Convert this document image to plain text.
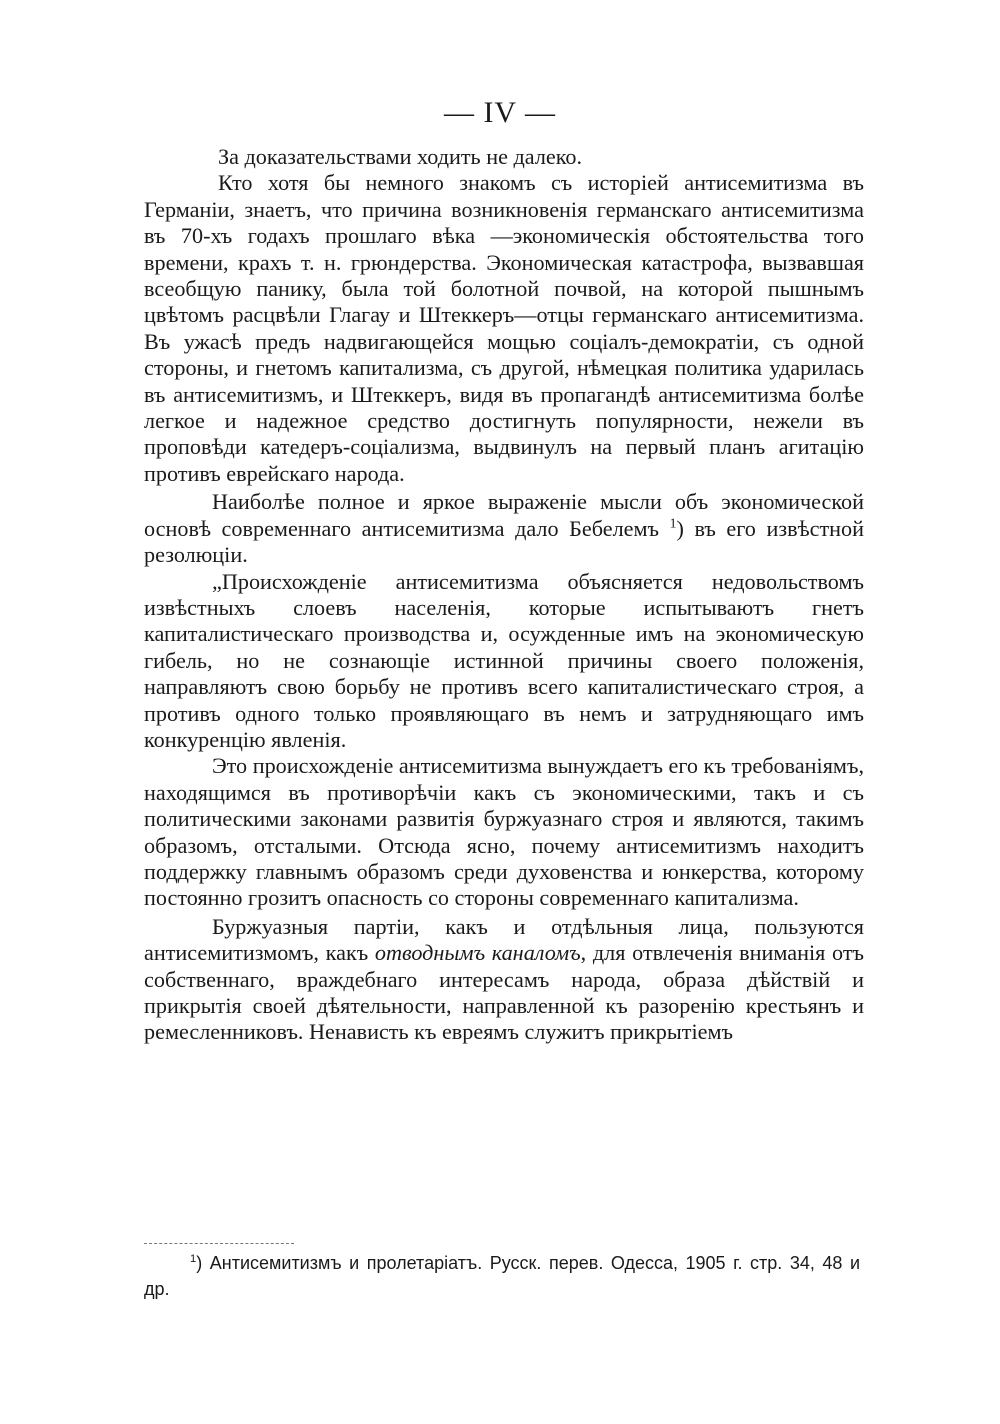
— IV —

За доказательствами ходить не далеко.

Кто хотя бы немного знакомъ съ исторіей антисемитизма въ Германіи, знаетъ, что причина возникновенія германскаго антисемитизма въ 70-хъ годахъ прошлаго вѣка —экономическія обстоятельства того времени, крахъ т. н. грюндерства. Экономическая катастрофа, вызвавшая всеобщую панику, была той болотной почвой, на которой пышнымъ цвѣтомъ расцвѣли Глагау и Штеккеръ—отцы германскаго антисемитизма. Въ ужасѣ предъ надвигающейся мощью соціалъ-демократіи, съ одной стороны, и гнетомъ капитализма, съ другой, нѣмецкая политика ударилась въ антисемитизмъ, и Штеккеръ, видя въ пропагандѣ антисемитизма болѣе легкое и надежное средство достигнуть популярности, нежели въ проповѣди катедеръ-соціализма, выдвинулъ на первый планъ агитацію противъ еврейскаго народа.

Наиболѣе полное и яркое выраженіе мысли объ экономической основѣ современнаго антисемитизма дало Бебелемъ $^1$) въ его извѣстной резолюціи.

„Происхожденіе антисемитизма объясняется недовольствомъ извѣстныхъ слоевъ населенія, которые испытываютъ гнетъ капиталистическаго производства и, осужденные имъ на экономическую гибель, но не сознающіе истинной причины своего положенія, направляютъ свою борьбу не противъ всего капиталистическаго строя, а противъ одного только проявляющаго въ немъ и затрудняющаго имъ конкуренцію явленія.

Это происхожденіе антисемитизма вынуждаетъ его къ требованіямъ, находящимся въ противорѣчіи какъ съ экономическими, такъ и съ политическими законами развитія буржуазнаго строя и являются, такимъ образомъ, отсталыми. Отсюда ясно, почему антисемитизмъ находитъ поддержку главнымъ образомъ среди духовенства и юнкерства, которому постоянно грозитъ опасность со стороны современнаго капитализма.

Буржуазныя партіи, какъ и отдѣльныя лица, пользуются антисемитизмомъ, какъ отводнымъ каналомъ, для отвлеченія вниманія отъ собственнаго, враждебнаго интересамъ народа, образа дѣйствій и прикрытія своей дѣятельности, направленной къ разоренію крестьянъ и ремесленниковъ. Ненависть къ евреямъ служитъ прикрытіемъ

$^1$) Антисемитизмъ и пролетаріатъ. Русск. перев. Одесса, 1905 г. стр. 34, 48 и др.
